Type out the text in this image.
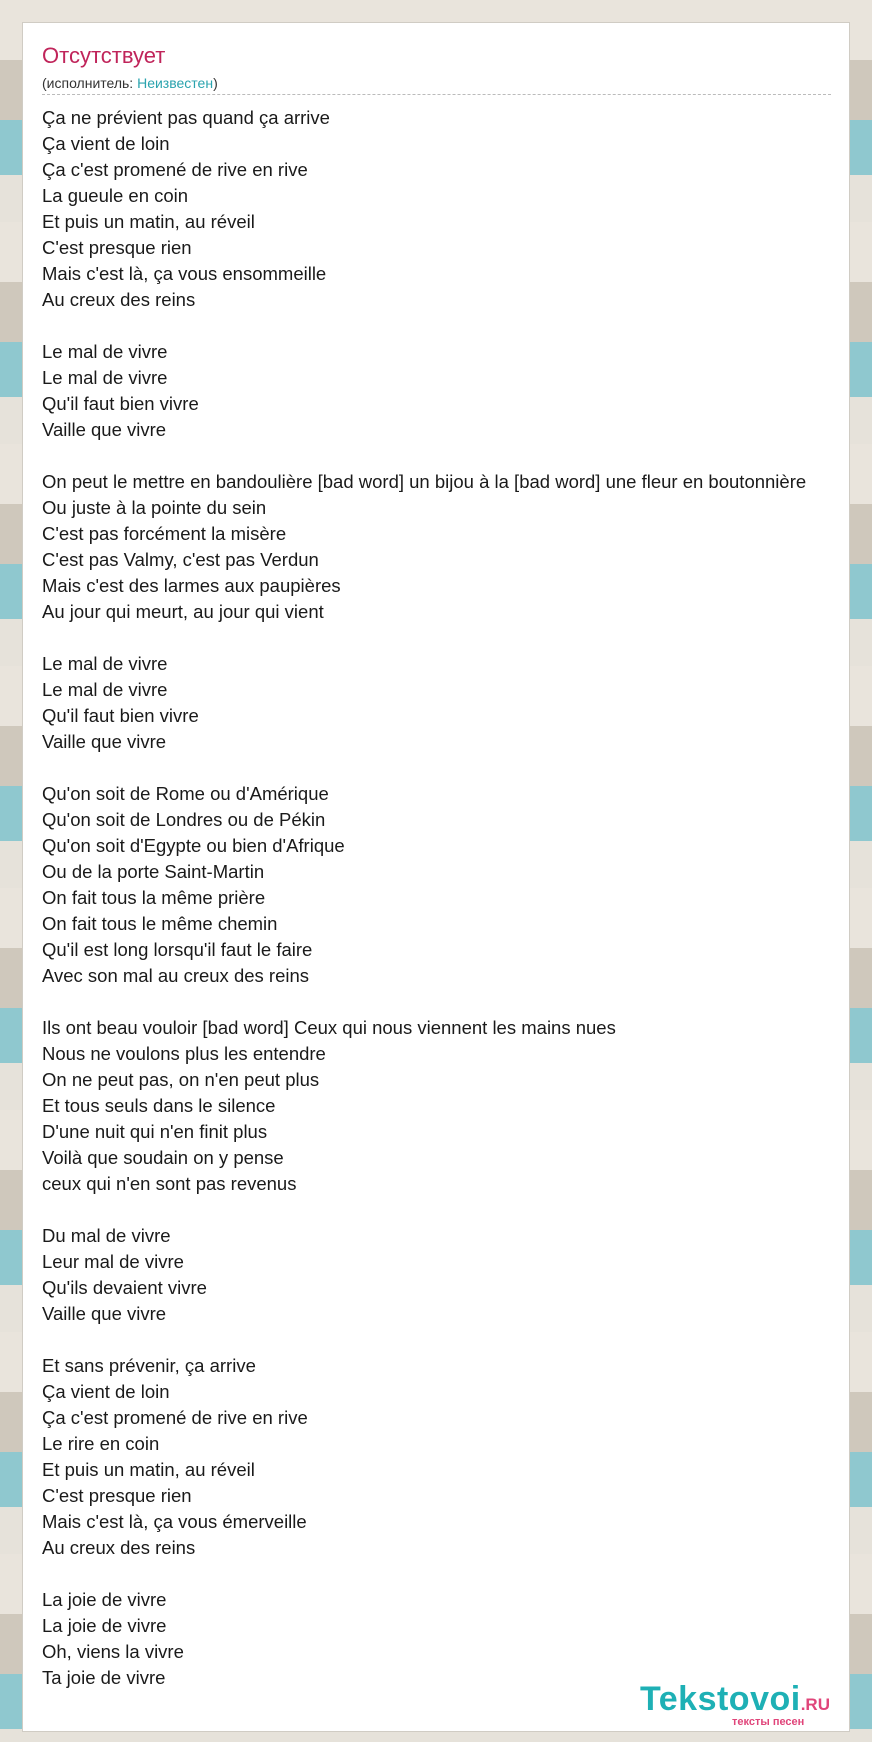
Отсутствует
(исполнитель: Неизвестен)
Ça ne prévient pas quand ça arrive
Ça vient de loin
Ça c'est promené de rive en rive
La gueule en coin
Et puis un matin, au réveil
C'est presque rien
Mais c'est là, ça vous ensommeille
Au creux des reins
Le mal de vivre
Le mal de vivre
Qu'il faut bien vivre
Vaille que vivre
On peut le mettre en bandoulière [bad word] un bijou à la [bad word] une fleur en boutonnière
Ou juste à la pointe du sein
C'est pas forcément la misère
C'est pas Valmy, c'est pas Verdun
Mais c'est des larmes aux paupières
Au jour qui meurt, au jour qui vient
Le mal de vivre
Le mal de vivre
Qu'il faut bien vivre
Vaille que vivre
Qu'on soit de Rome ou d'Amérique
Qu'on soit de Londres ou de Pékin
Qu'on soit d'Egypte ou bien d'Afrique
Ou de la porte Saint-Martin
On fait tous la même prière
On fait tous le même chemin
Qu'il est long lorsqu'il faut le faire
Avec son mal au creux des reins
Ils ont beau vouloir [bad word] Ceux qui nous viennent les mains nues
Nous ne voulons plus les entendre
On ne peut pas, on n'en peut plus
Et tous seuls dans le silence
D'une nuit qui n'en finit plus
Voilà que soudain on y pense
ceux qui n'en sont pas revenus
Du mal de vivre
Leur mal de vivre
Qu'ils devaient vivre
Vaille que vivre
Et sans prévenir, ça arrive
Ça vient de loin
Ça c'est promené de rive en rive
Le rire en coin
Et puis un matin, au réveil
C'est presque rien
Mais c'est là, ça vous émerveille
Au creux des reins
La joie de vivre
La joie de vivre
Oh, viens la vivre
Ta joie de vivre
Tekstovoi.RU
тексты песен
